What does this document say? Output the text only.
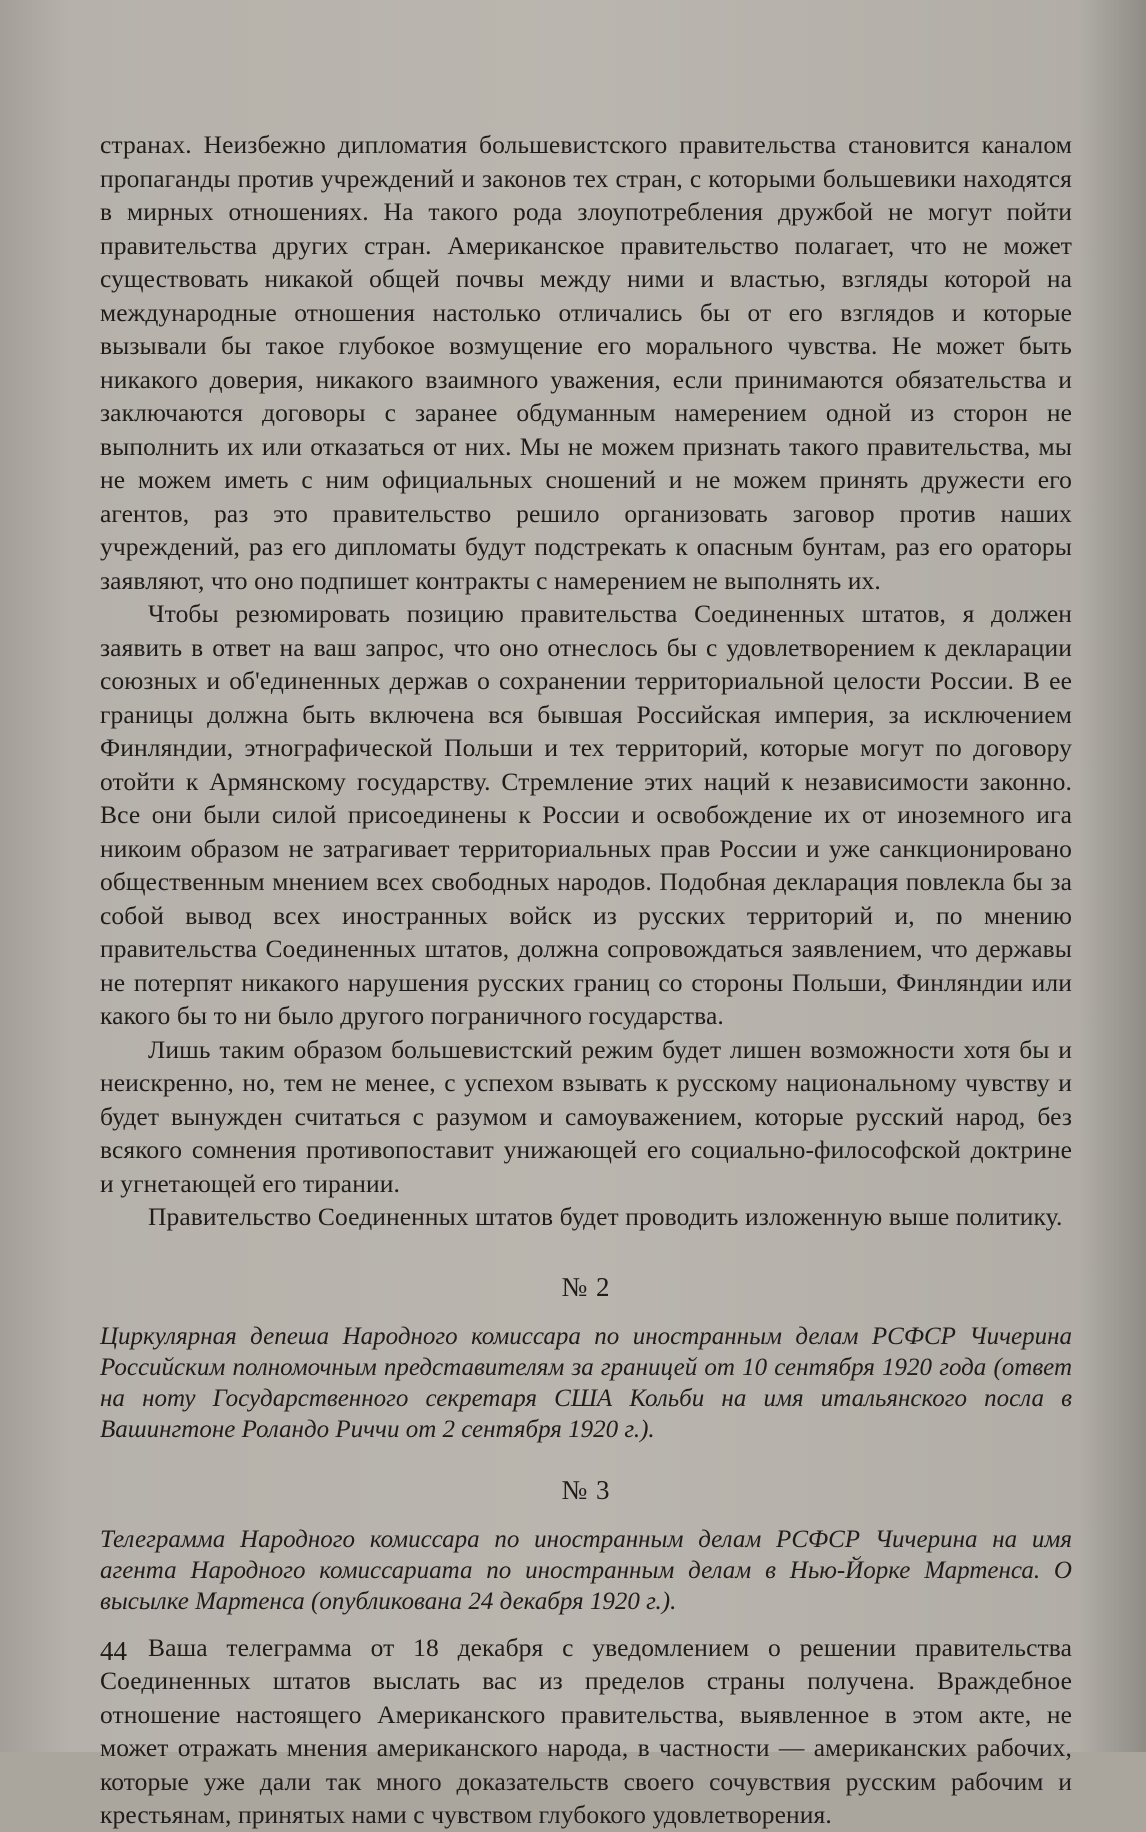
странах. Неизбежно дипломатия большевистского правительства становится каналом пропаганды против учреждений и законов тех стран, с которыми большевики находятся в мирных отношениях. На такого рода злоупотребления дружбой не могут пойти правительства других стран. Американское правительство полагает, что не может существовать никакой общей почвы между ними и властью, взгляды которой на международные отношения настолько отличались бы от его взглядов и которые вызывали бы такое глубокое возмущение его морального чувства. Не может быть никакого доверия, никакого взаимного уважения, если принимаются обязательства и заключаются договоры с заранее обдуманным намерением одной из сторон не выполнить их или отказаться от них. Мы не можем признать такого правительства, мы не можем иметь с ним официальных сношений и не можем принять дружести его агентов, раз это правительство решило организовать заговор против наших учреждений, раз его дипломаты будут подстрекать к опасным бунтам, раз его ораторы заявляют, что оно подпишет контракты с намерением не выполнять их.

Чтобы резюмировать позицию правительства Соединенных штатов, я должен заявить в ответ на ваш запрос, что оно отнеслось бы с удовлетворением к декларации союзных и об'единенных держав о сохранении территориальной целости России. В ее границы должна быть включена вся бывшая Российская империя, за исключением Финляндии, этнографической Польши и тех территорий, которые могут по договору отойти к Армянскому государству. Стремление этих наций к независимости законно. Все они были силой присоединены к России и освобождение их от иноземного ига никоим образом не затрагивает территориальных прав России и уже санкционировано общественным мнением всех свободных народов. Подобная декларация повлекла бы за собой вывод всех иностранных войск из русских территорий и, по мнению правительства Соединенных штатов, должна сопровождаться заявлением, что державы не потерпят никакого нарушения русских границ со стороны Польши, Финляндии или какого бы то ни было другого пограничного государства.

Лишь таким образом большевистский режим будет лишен возможности хотя бы и неискренно, но, тем не менее, с успехом взывать к русскому национальному чувству и будет вынужден считаться с разумом и самоуважением, которые русский народ, без всякого сомнения противопоставит унижающей его социально-философской доктрине и угнетающей его тирании.

Правительство Соединенных штатов будет проводить изложенную выше политику.

№ 2
Циркулярная депеша Народного комиссара по иностранным делам РСФСР Чичерина Российским полномочным представителям за границей от 10 сентября 1920 года (ответ на ноту Государственного секретаря США Кольби на имя итальянского посла в Вашингтоне Роландо Риччи от 2 сентября 1920 г.).
№ 3
Телеграмма Народного комиссара по иностранным делам РСФСР Чичерина на имя агента Народного комиссариата по иностранным делам в Нью-Йорке Мартенса. О высылке Мартенса (опубликована 24 декабря 1920 г.).

Ваша телеграмма от 18 декабря с уведомлением о решении правительства Соединенных штатов выслать вас из пределов страны получена. Враждебное отношение настоящего Американского правительства, выявленное в этом акте, не может отражать мнения американского народа, в частности — американских рабочих, которые уже дали так много доказательств своего сочувствия русским рабочим и крестьянам, принятых нами с чувством глубокого удовлетворения.

44
